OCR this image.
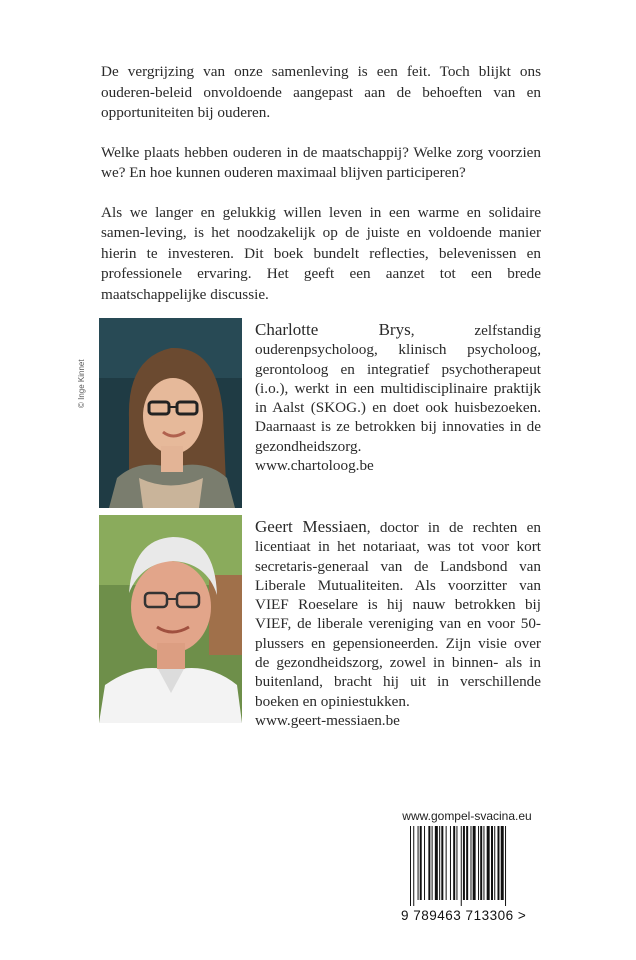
De vergrijzing van onze samenleving is een feit. Toch blijkt ons ouderen-beleid onvoldoende aangepast aan de behoeften van en opportuniteiten bij ouderen.

Welke plaats hebben ouderen in de maatschappij? Welke zorg voorzien we? En hoe kunnen ouderen maximaal blijven participeren?

Als we langer en gelukkig willen leven in een warme en solidaire samen-leving, is het noodzakelijk op de juiste en voldoende manier hierin te investeren. Dit boek bundelt reflecties, belevenissen en professionele ervaring. Het geeft een aanzet tot een brede maatschappelijke discussie.

© Inge Kinnet
Charlotte Brys, zelfstandig ouderenpsycholoog, klinisch psycholoog, gerontoloog en integratief psychotherapeut (i.o.), werkt in een multidisciplinaire praktijk in Aalst (SKOG.) en doet ook huisbezoeken. Daarnaast is ze betrokken bij innovaties in de gezondheidszorg.
www.chartoloog.be
Geert Messiaen, doctor in de rechten en licentiaat in het notariaat, was tot voor kort secretaris-generaal van de Landsbond van Liberale Mutualiteiten. Als voorzitter van VIEF Roeselare is hij nauw betrokken bij VIEF, de liberale vereniging van en voor 50-plussers en gepensioneerden. Zijn visie over de gezondheidszorg, zowel in binnen- als in buitenland, bracht hij uit in verschillende boeken en opiniestukken.
www.geert-messiaen.be
www.gompel-svacina.eu
9 789463 713306 >
